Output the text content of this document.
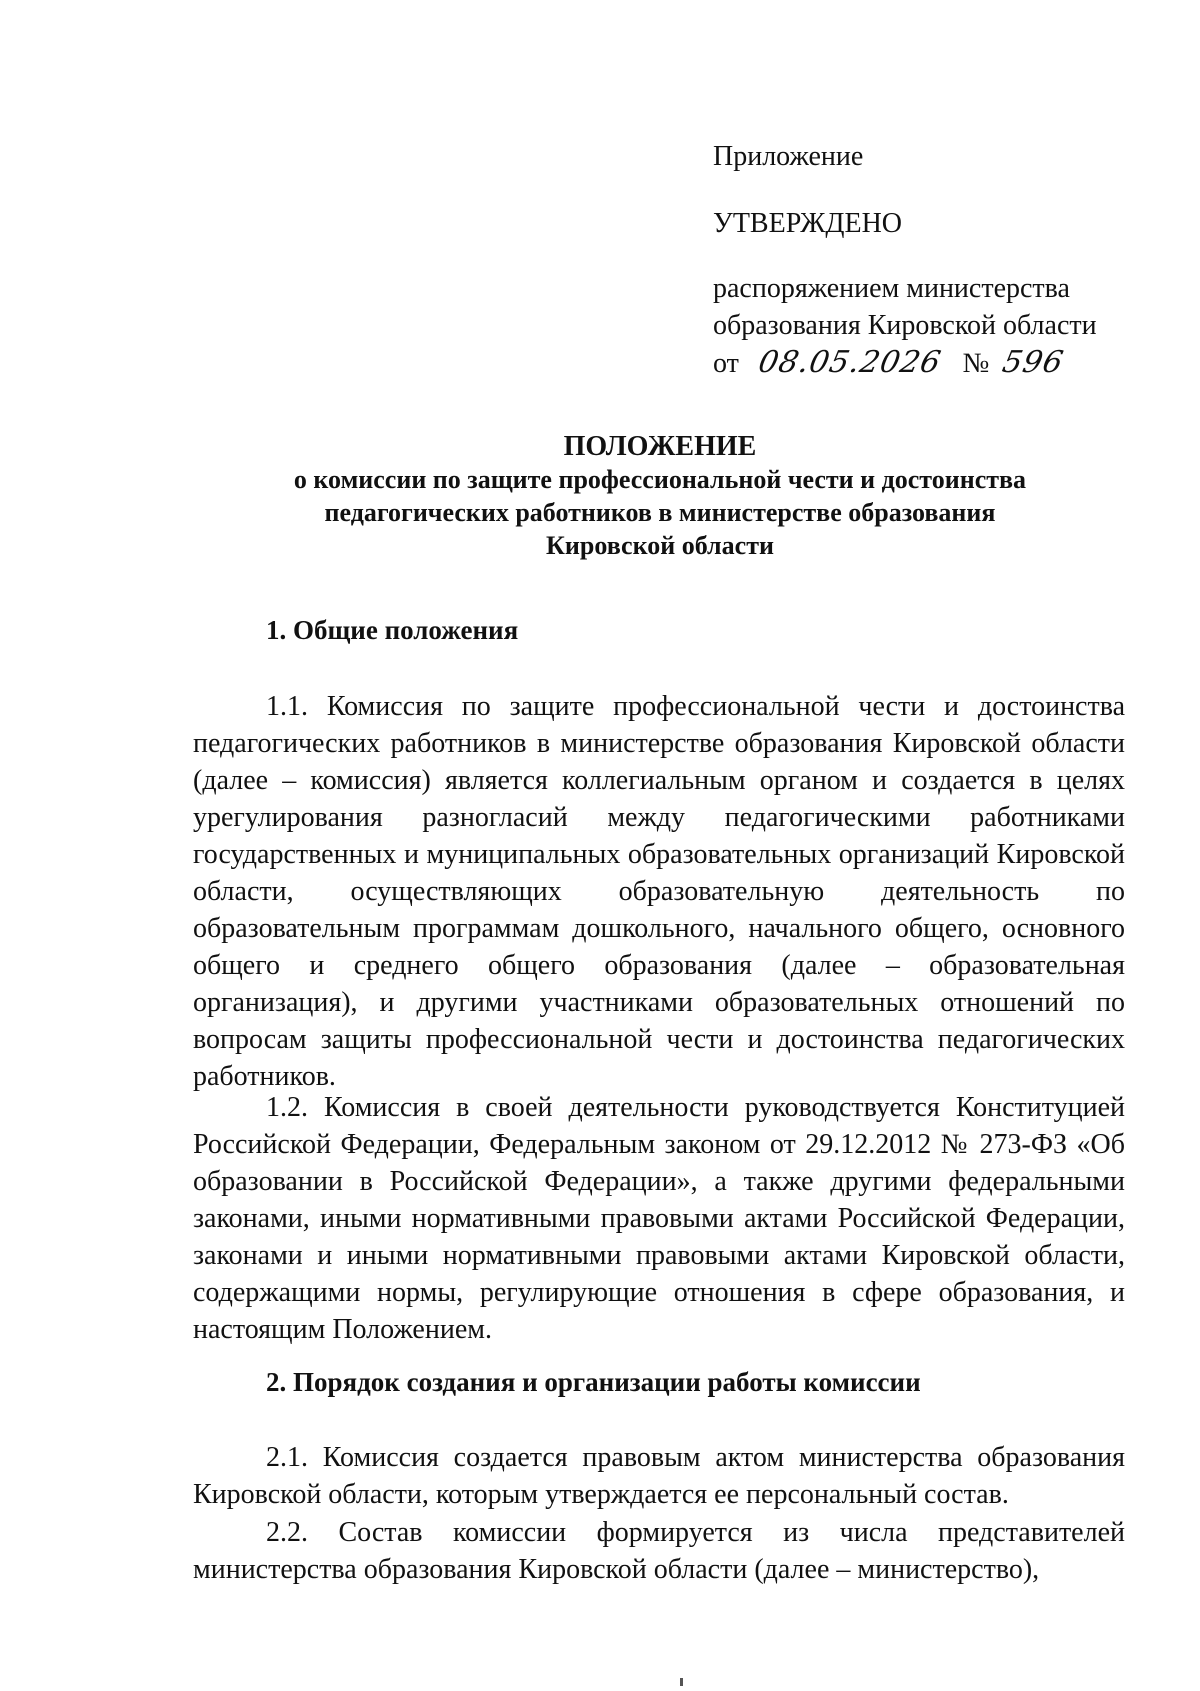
Приложение
УТВЕРЖДЕНО
распоряжением министерства
образования Кировской области
от 08.05.2026 № 596
ПОЛОЖЕНИЕ
о комиссии по защите профессиональной чести и достоинства
педагогических работников в министерстве образования
Кировской области

1. Общие положения

1.1. Комиссия по защите профессиональной чести и достоинства педагогических работников в министерстве образования Кировской области (далее – комиссия) является коллегиальным органом и создается в целях урегулирования разногласий между педагогическими работниками государственных и муниципальных образовательных организаций Кировской области, осуществляющих образовательную деятельность по образовательным программам дошкольного, начального общего, основного общего и среднего общего образования (далее – образовательная организация), и другими участниками образовательных отношений по вопросам защиты профессиональной чести и достоинства педагогических работников.

1.2. Комиссия в своей деятельности руководствуется Конституцией Российской Федерации, Федеральным законом от 29.12.2012 № 273-ФЗ «Об образовании в Российской Федерации», а также другими федеральными законами, иными нормативными правовыми актами Российской Федерации, законами и иными нормативными правовыми актами Кировской области, содержащими нормы, регулирующие отношения в сфере образования, и настоящим Положением.

2. Порядок создания и организации работы комиссии

2.1. Комиссия создается правовым актом министерства образования Кировской области, которым утверждается ее персональный состав.

2.2. Состав комиссии формируется из числа представителей министерства образования Кировской области (далее – министерство),
